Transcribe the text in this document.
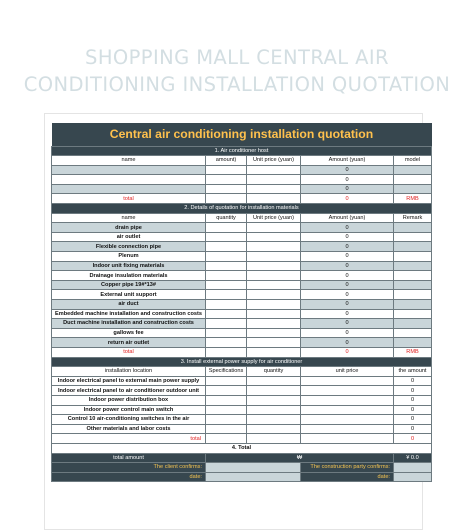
SHOPPING MALL CENTRAL AIR
CONDITIONING INSTALLATION QUOTATION
Central air conditioning installation quotation				
1. Air conditioner host				
name	amount)	Unit price (yuan)	Amount (yuan)	model
			0	
			0	
			0	
total			0	RMB
2. Details of quotation for installation materials				
name	quantity	Unit price (yuan)	Amount (yuan)	Remark
drain pipe			0	
air outlet			0	
Flexible connection pipe			0	
Plenum			0	
Indoor unit fixing materials			0	
Drainage insulation materials			0	
Copper pipe 19#*13#			0	
External unit support			0	
air duct			0	
Embedded machine installation and construction costs			0	
Duct machine installation and construction costs			0	
gallows fee			0	
return air outlet			0	
total			0	RMB
3. Install external power supply for air conditioner				
installation location	Specifications	quantity	unit price	the amount
Indoor electrical panel to external main power supply				0
Indoor electrical panel to air conditioner outdoor unit				0
Indoor power distribution box				0
Indoor power control main switch				0
Control 10 air-conditioning switches in the air				0
Other materials and labor costs				0
total				0
4. Total				
total amount	₩			¥ 0.0
The client confirms:			The construction party confirms:	
date:			date:	
